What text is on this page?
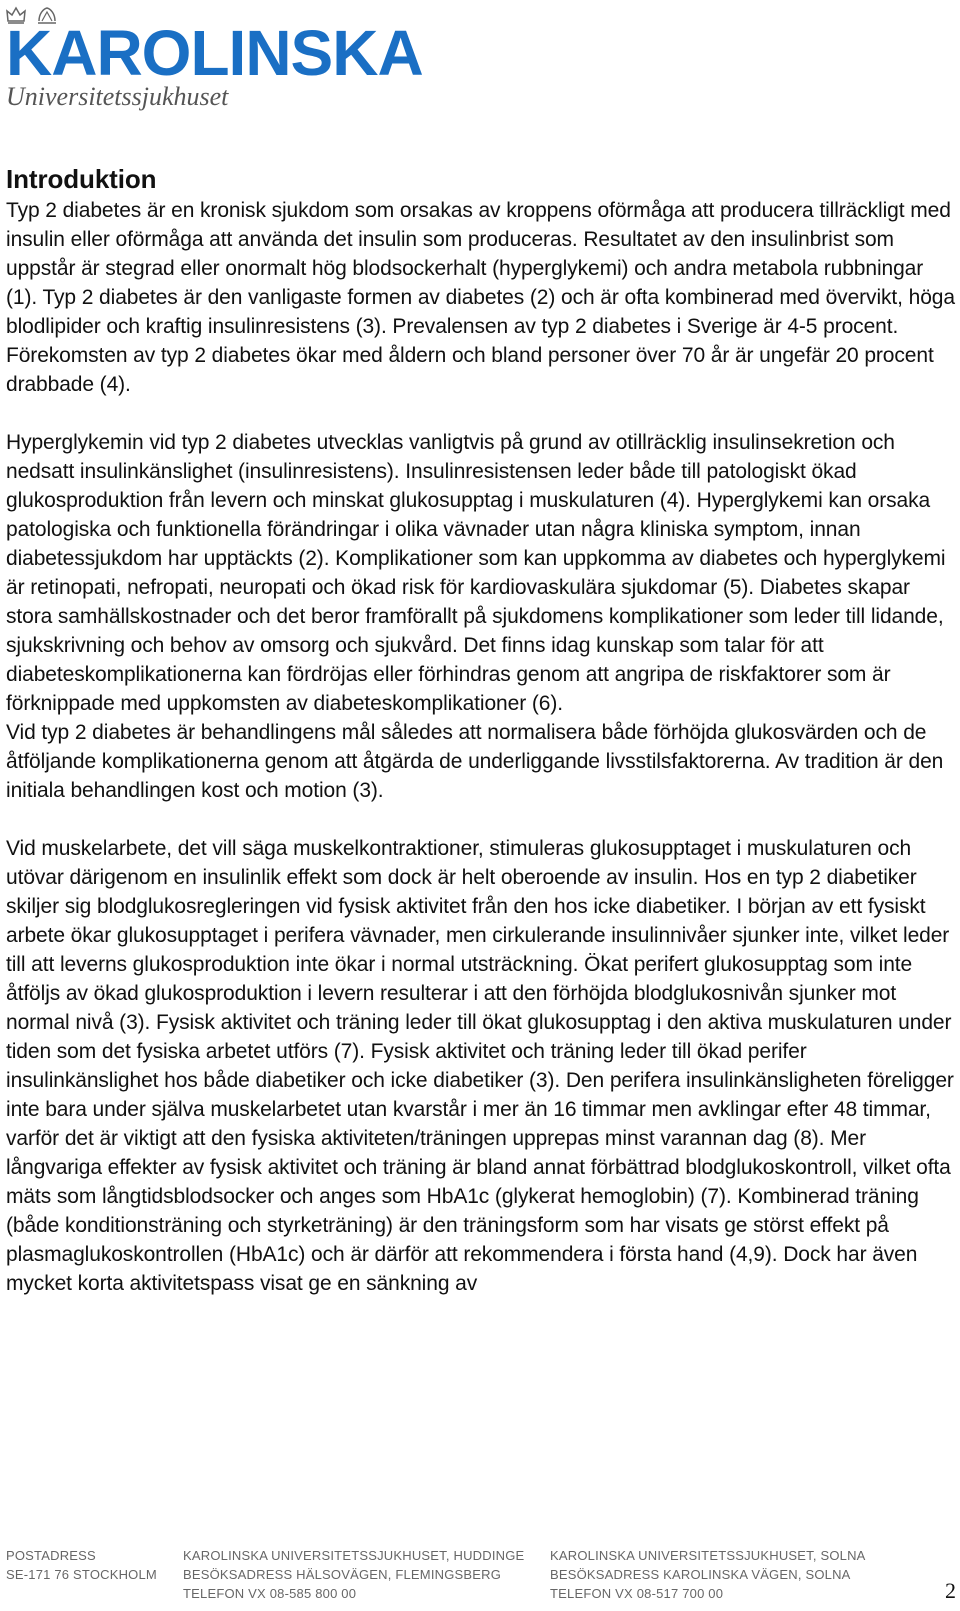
KAROLINSKA
Universitetssjukhuset
Introduktion

Typ 2 diabetes är en kronisk sjukdom som orsakas av kroppens oförmåga att producera tillräckligt med insulin eller oförmåga att använda det insulin som produceras. Resultatet av den insulinbrist som uppstår är stegrad eller onormalt hög blodsockerhalt (hyperglykemi) och andra metabola rubbningar (1). Typ 2 diabetes är den vanligaste formen av diabetes (2) och är ofta kombinerad med övervikt, höga blodlipider och kraftig insulinresistens (3). Prevalensen av typ 2 diabetes i Sverige är 4-5 procent. Förekomsten av typ 2 diabetes ökar med åldern och bland personer över 70 år är ungefär 20 procent drabbade (4).

Hyperglykemin vid typ 2 diabetes utvecklas vanligtvis på grund av otillräcklig insulinsekretion och nedsatt insulinkänslighet (insulinresistens). Insulinresistensen leder både till patologiskt ökad glukosproduktion från levern och minskat glukosupptag i muskulaturen (4). Hyperglykemi kan orsaka patologiska och funktionella förändringar i olika vävnader utan några kliniska symptom, innan diabetessjukdom har upptäckts (2). Komplikationer som kan uppkomma av diabetes och hyperglykemi är retinopati, nefropati, neuropati och ökad risk för kardiovaskulära sjukdomar (5). Diabetes skapar stora samhällskostnader och det beror framförallt på sjukdomens komplikationer som leder till lidande, sjukskrivning och behov av omsorg och sjukvård. Det finns idag kunskap som talar för att diabeteskomplikationerna kan fördröjas eller förhindras genom att angripa de riskfaktorer som är förknippade med uppkomsten av diabeteskomplikationer (6).

Vid typ 2 diabetes är behandlingens mål således att normalisera både förhöjda glukosvärden och de åtföljande komplikationerna genom att åtgärda de underliggande livsstilsfaktorerna. Av tradition är den initiala behandlingen kost och motion (3).

Vid muskelarbete, det vill säga muskelkontraktioner, stimuleras glukosupptaget i muskulaturen och utövar därigenom en insulinlik effekt som dock är helt oberoende av insulin. Hos en typ 2 diabetiker skiljer sig blodglukosregleringen vid fysisk aktivitet från den hos icke diabetiker. I början av ett fysiskt arbete ökar glukosupptaget i perifera vävnader, men cirkulerande insulinnivåer sjunker inte, vilket leder till att leverns glukosproduktion inte ökar i normal utsträckning. Ökat perifert glukosupptag som inte åtföljs av ökad glukosproduktion i levern resulterar i att den förhöjda blodglukosnivån sjunker mot normal nivå (3). Fysisk aktivitet och träning leder till ökat glukosupptag i den aktiva muskulaturen under tiden som det fysiska arbetet utförs (7). Fysisk aktivitet och träning leder till ökad perifer insulinkänslighet hos både diabetiker och icke diabetiker (3). Den perifera insulinkänsligheten föreligger inte bara under själva muskelarbetet utan kvarstår i mer än 16 timmar men avklingar efter 48 timmar, varför det är viktigt att den fysiska aktiviteten/träningen upprepas minst varannan dag (8). Mer långvariga effekter av fysisk aktivitet och träning är bland annat förbättrad blodglukoskontroll, vilket ofta mäts som långtidsblodsocker och anges som HbA1c (glykerat hemoglobin) (7). Kombinerad träning (både konditionsträning och styrketräning) är den träningsform som har visats ge störst effekt på plasmaglukoskontrollen (HbA1c) och är därför att rekommendera i första hand (4,9). Dock har även mycket korta aktivitetspass visat ge en sänkning av

POSTADRESS
SE-171 76 STOCKHOLM
KAROLINSKA UNIVERSITETSSJUKHUSET, HUDDINGE
BESÖKSADRESS HÄLSOVÄGEN, FLEMINGSBERG
TELEFON VX 08-585 800 00
KAROLINSKA UNIVERSITETSSJUKHUSET, SOLNA
BESÖKSADRESS KAROLINSKA VÄGEN, SOLNA
TELEFON VX 08-517 700 00	2
